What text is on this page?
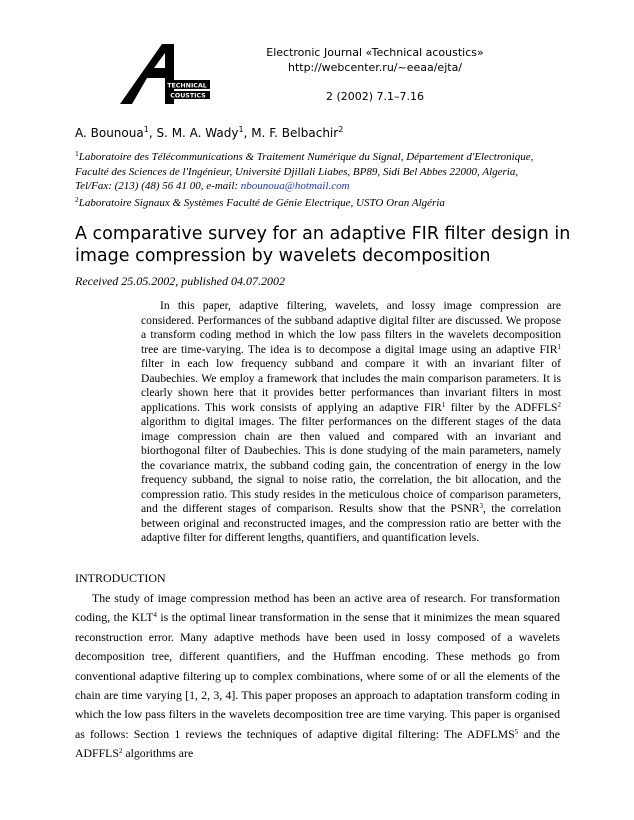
TECHNICAL
COUSTICS
Electronic Journal «Technical acoustics»
http://webcenter.ru/~eeaa/ejta/
2 (2002) 7.1–7.16
A. Bounoua$^1$, S. M. A. Wady$^1$, M. F. Belbachir$^2$

$^1$Laboratoire des Télécommunications & Traitement Numérique du Signal, Département d'Electronique, Faculté des Sciences de l'Ingénieur, Université Djillali Liabes, BP89, Sidi Bel Abbes 22000, Algeria, Tel/Fax: (213) (48) 56 41 00, e-mail: nbounoua@hotmail.com

$^2$Laboratoire Signaux & Systèmes Faculté de Génie Electrique, USTO Oran Algéria

A comparative survey for an adaptive FIR filter design in image compression by wavelets decomposition
Received 25.05.2002, published 04.07.2002

In this paper, adaptive filtering, wavelets, and lossy image compression are considered. Performances of the subband adaptive digital filter are discussed. We propose a transform coding method in which the low pass filters in the wavelets decomposition tree are time-varying. The idea is to decompose a digital image using an adaptive FIR$^1$ filter in each low frequency subband and compare it with an invariant filter of Daubechies. We employ a framework that includes the main comparison parameters. It is clearly shown here that it provides better performances than invariant filters in most applications. This work consists of applying an adaptive FIR$^1$ filter by the ADFFLS$^2$ algorithm to digital images. The filter performances on the different stages of the data image compression chain are then valued and compared with an invariant and biorthogonal filter of Daubechies. This is done studying of the main parameters, namely the covariance matrix, the subband coding gain, the concentration of energy in the low frequency subband, the signal to noise ratio, the correlation, the bit allocation, and the compression ratio. This study resides in the meticulous choice of comparison parameters, and the different stages of comparison. Results show that the PSNR$^3$, the correlation between original and reconstructed images, and the compression ratio are better with the adaptive filter for different lengths, quantifiers, and quantification levels.

INTRODUCTION

The study of image compression method has been an active area of research. For transformation coding, the KLT$^4$ is the optimal linear transformation in the sense that it minimizes the mean squared reconstruction error. Many adaptive methods have been used in lossy composed of a wavelets decomposition tree, different quantifiers, and the Huffman encoding. These methods go from conventional adaptive filtering up to complex combinations, where some of or all the elements of the chain are time varying [1, 2, 3, 4]. This paper proposes an approach to adaptation transform coding in which the low pass filters in the wavelets decomposition tree are time varying. This paper is organised as follows: Section 1 reviews the techniques of adaptive digital filtering: The ADFLMS$^5$ and the ADFFLS$^2$ algorithms are
